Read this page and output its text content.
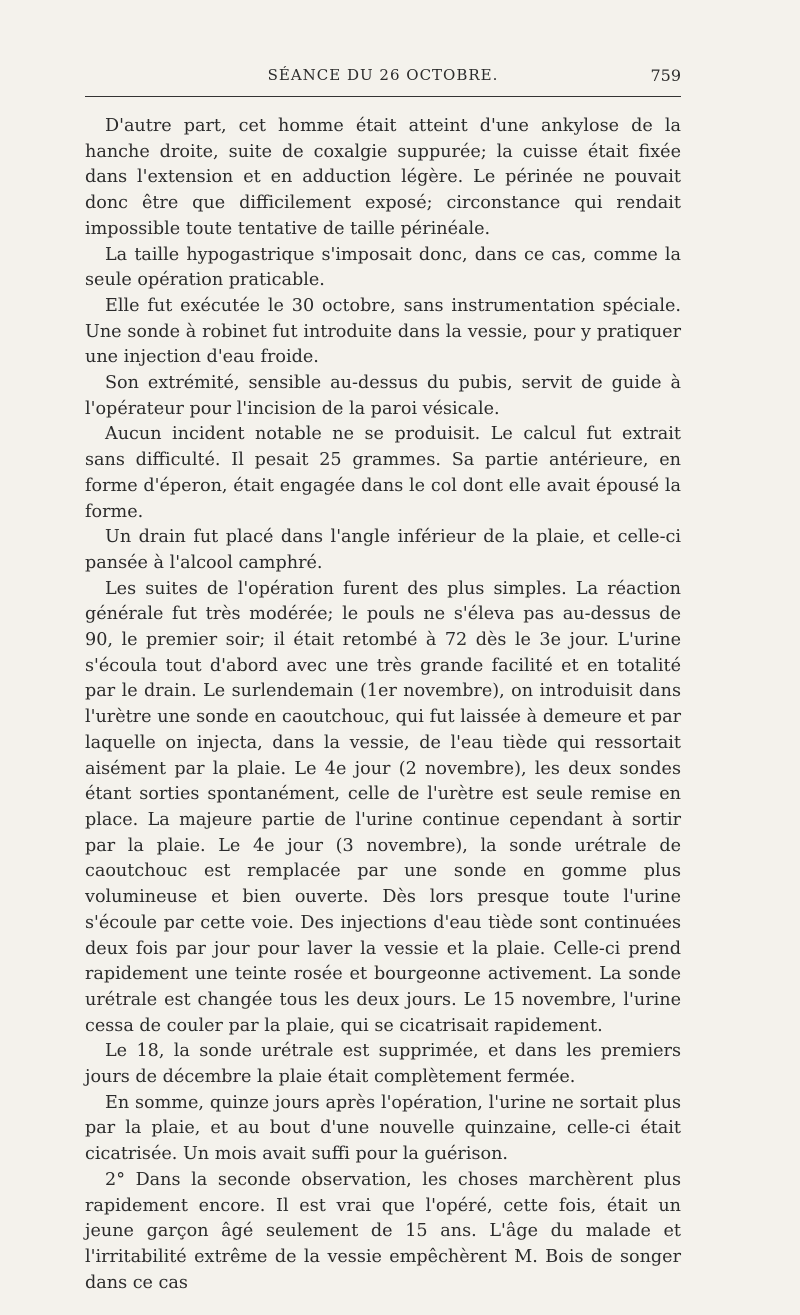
SÉANCE DU 26 OCTOBRE.	759

D'autre part, cet homme était atteint d'une ankylose de la hanche droite, suite de coxalgie suppurée; la cuisse était fixée dans l'extension et en adduction légère. Le périnée ne pouvait donc être que difficilement exposé; circonstance qui rendait impossible toute tentative de taille périnéale.

La taille hypogastrique s'imposait donc, dans ce cas, comme la seule opération praticable.

Elle fut exécutée le 30 octobre, sans instrumentation spéciale. Une sonde à robinet fut introduite dans la vessie, pour y pratiquer une injection d'eau froide.

Son extrémité, sensible au-dessus du pubis, servit de guide à l'opérateur pour l'incision de la paroi vésicale.

Aucun incident notable ne se produisit. Le calcul fut extrait sans difficulté. Il pesait 25 grammes. Sa partie antérieure, en forme d'éperon, était engagée dans le col dont elle avait épousé la forme.

Un drain fut placé dans l'angle inférieur de la plaie, et celle-ci pansée à l'alcool camphré.

Les suites de l'opération furent des plus simples. La réaction générale fut très modérée; le pouls ne s'éleva pas au-dessus de 90, le premier soir; il était retombé à 72 dès le 3e jour. L'urine s'écoula tout d'abord avec une très grande facilité et en totalité par le drain. Le surlendemain (1er novembre), on introduisit dans l'urètre une sonde en caoutchouc, qui fut laissée à demeure et par laquelle on injecta, dans la vessie, de l'eau tiède qui ressortait aisément par la plaie. Le 4e jour (2 novembre), les deux sondes étant sorties spontanément, celle de l'urètre est seule remise en place. La majeure partie de l'urine continue cependant à sortir par la plaie. Le 4e jour (3 novembre), la sonde urétrale de caoutchouc est remplacée par une sonde en gomme plus volumineuse et bien ouverte. Dès lors presque toute l'urine s'écoule par cette voie. Des injections d'eau tiède sont continuées deux fois par jour pour laver la vessie et la plaie. Celle-ci prend rapidement une teinte rosée et bourgeonne activement. La sonde urétrale est changée tous les deux jours. Le 15 novembre, l'urine cessa de couler par la plaie, qui se cicatrisait rapidement.

Le 18, la sonde urétrale est supprimée, et dans les premiers jours de décembre la plaie était complètement fermée.

En somme, quinze jours après l'opération, l'urine ne sortait plus par la plaie, et au bout d'une nouvelle quinzaine, celle-ci était cicatrisée. Un mois avait suffi pour la guérison.

2° Dans la seconde observation, les choses marchèrent plus rapidement encore. Il est vrai que l'opéré, cette fois, était un jeune garçon âgé seulement de 15 ans. L'âge du malade et l'irritabilité extrême de la vessie empêchèrent M. Bois de songer dans ce cas
